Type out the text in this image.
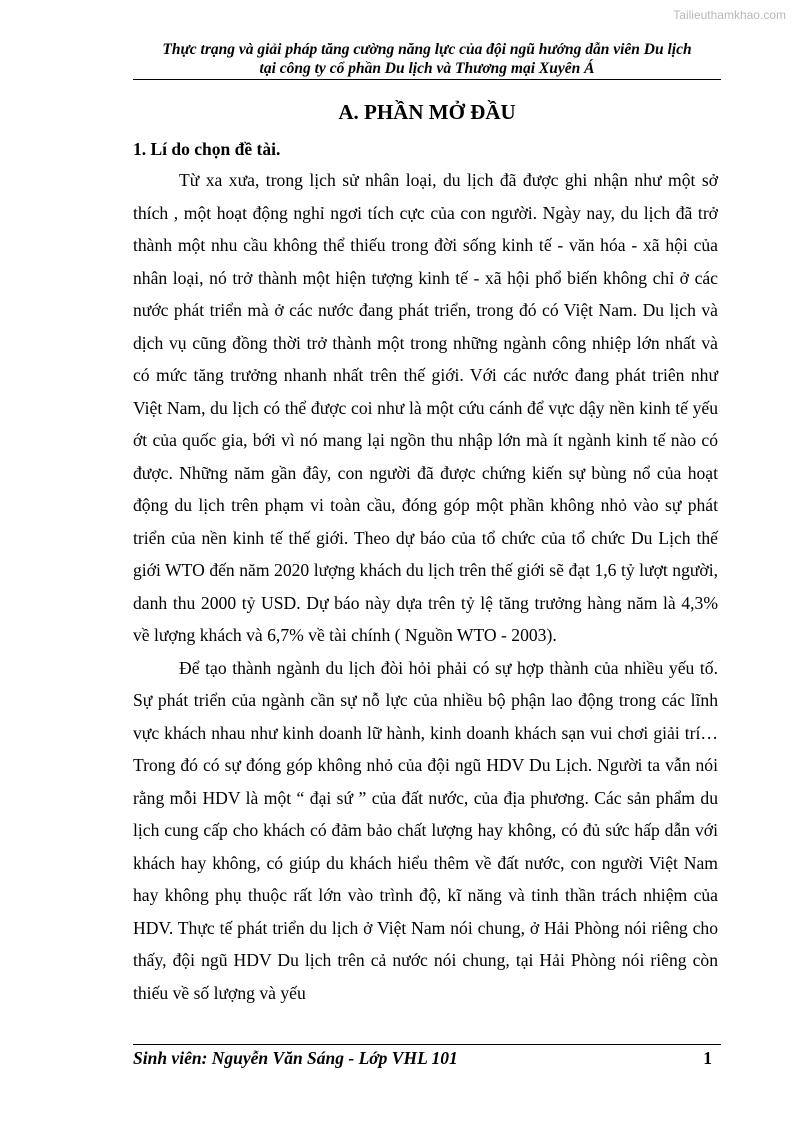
Tailieuthamkhao.com
Thực trạng và giải pháp tăng cường năng lực của đội ngũ hướng dẫn viên Du lịch
tại công ty cổ phần Du lịch và Thương mại Xuyên Á
A. PHẦN MỞ ĐẦU
1. Lí do chọn đề tài.

Từ xa xưa, trong lịch sử nhân loại, du lịch đã được ghi nhận như một sở thích , một hoạt động nghỉ ngơi tích cực của con người. Ngày nay, du lịch đã trở thành một nhu cầu không thể thiếu trong đời sống kinh tế - văn hóa - xã hội của nhân loại, nó trở thành một hiện tượng kinh tế - xã hội phổ biến không chỉ ở các nước phát triển mà ở các nước đang phát triển, trong đó có Việt Nam. Du lịch và dịch vụ cũng đồng thời trở thành một trong những ngành công nhiệp lớn nhất và có mức tăng trưởng nhanh nhất trên thế giới. Với các nước đang phát triên như Việt Nam, du lịch có thể được coi như là một cứu cánh để vực dậy nền kinh tế yếu ớt của quốc gia, bới vì nó mang lại ngồn thu nhập lớn mà ít ngành kinh tế nào có được. Những năm gần đây, con người đã được chứng kiến sự bùng nổ của hoạt động du lịch trên phạm vi toàn cầu, đóng góp một phần không nhỏ vào sự phát triển của nền kinh tế thế giới. Theo dự báo của tổ chức của tổ chức Du Lịch thế giới WTO đến năm 2020 lượng khách du lịch trên thế giới sẽ đạt 1,6 tỷ lượt người, danh thu 2000 tỷ USD. Dự báo này dựa trên tỷ lệ tăng trưởng hàng năm là 4,3% về lượng khách và 6,7% về tài chính ( Nguồn WTO - 2003).

Để tạo thành ngành du lịch đòi hỏi phải có sự hợp thành của nhiều yếu tố. Sự phát triển của ngành cần sự nỗ lực của nhiều bộ phận lao động trong các lĩnh vực khách nhau như kinh doanh lữ hành, kinh doanh khách sạn vui chơi giải trí…Trong đó có sự đóng góp không nhỏ của đội ngũ HDV Du Lịch. Người ta vẫn nói rằng mỗi HDV là một “ đại sứ ” của đất nước, của địa phương. Các sản phẩm du lịch cung cấp cho khách có đảm bảo chất lượng hay không, có đủ sức hấp dẫn với khách hay không, có giúp du khách hiểu thêm về đất nước, con người Việt Nam hay không phụ thuộc rất lớn vào trình độ, kĩ năng và tinh thần trách nhiệm của HDV. Thực tế phát triển du lịch ở Việt Nam nói chung, ở Hải Phòng nói riêng cho thấy, đội ngũ HDV Du lịch trên cả nước nói chung, tại Hải Phòng nói riêng còn thiếu về số lượng và yếu

Sinh viên: Nguyễn Văn Sáng - Lớp VHL 101	1
